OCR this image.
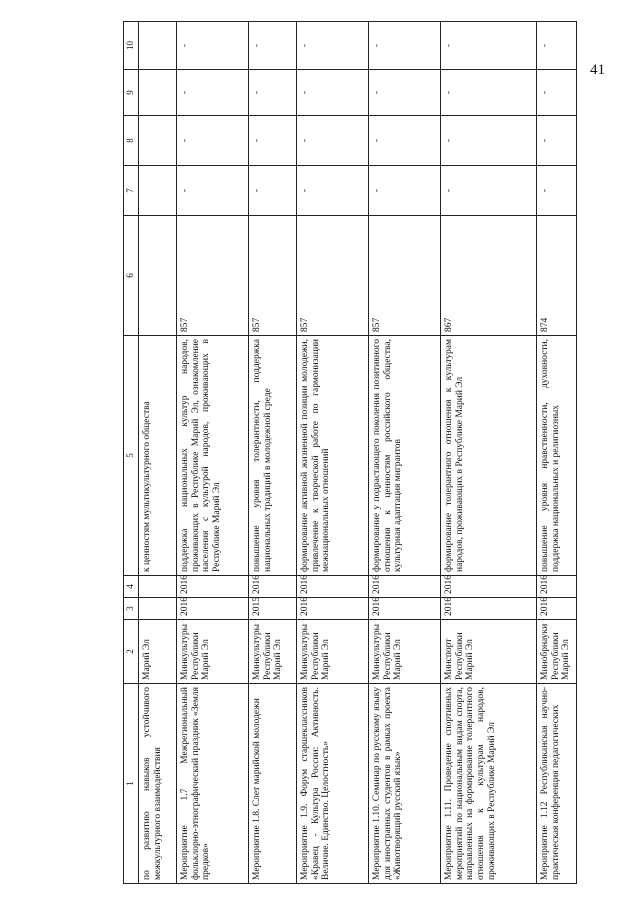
41
1	2	3	4	5	6	7	8	9	10
по развитию навыков устойчивого межкультурного взаимодействия	Марий Эл			к ценностям мультикультурного общества					
Мероприятие 1.7 Межрегиональный фольклорно-этнографический праздник «Земля предков»	Минкультуры Республики Марий Эл	2016	2016	поддержка национальных культур народов, проживающих в Республике Марий Эл, ознакомление населения с культурой народов, проживающих в Республике Марий Эл	857	-	-	-	-
Мероприятие 1.8. Слет марийской молодежи	Минкультуры Республики Марий Эл	2015	2016	повышение уровня толерантности, поддержка национальных традиций в молодежной среде	857	-	-	-	-
Мероприятие 1.9. Форум старшеклассников «Кравец - Культура России: Активность. Величие. Единство. Целостность»	Минкультуры Республики Марий Эл	2016	2016	формирование активной жизненной позиции молодежи, привлечение к творческой работе по гармонизации межнациональных отношений	857	-	-	-	-
Мероприятие 1.10. Семинар по русскому языку для иностранных студентов в рамках проекта «Животворящий русский язык»	Минкультуры Республики Марий Эл	2016	2016	формирование у подрастающего поколения позитивного отношения к ценностям российского общества, культурная адаптация мигрантов	857	-	-	-	-
Мероприятие 1.11. Проведение спортивных мероприятий по национальным видам спорта, направленных на формирование толерантного отношения к культурам народов, проживающих в Республике Марий Эл	Минспорт Республики Марий Эл	2016	2016	формирование толерантного отношения к культурам народов, проживающих в Республике Марий Эл	867	-	-	-	-
Мероприятие 1.12 Республиканская научно-практическая конференция педагогических	Минобрнауки Республики Марий Эл	2016	2016	повышение уровня нравственности, духовности, поддержка национальных и религиозных	874	-	-	-	-
